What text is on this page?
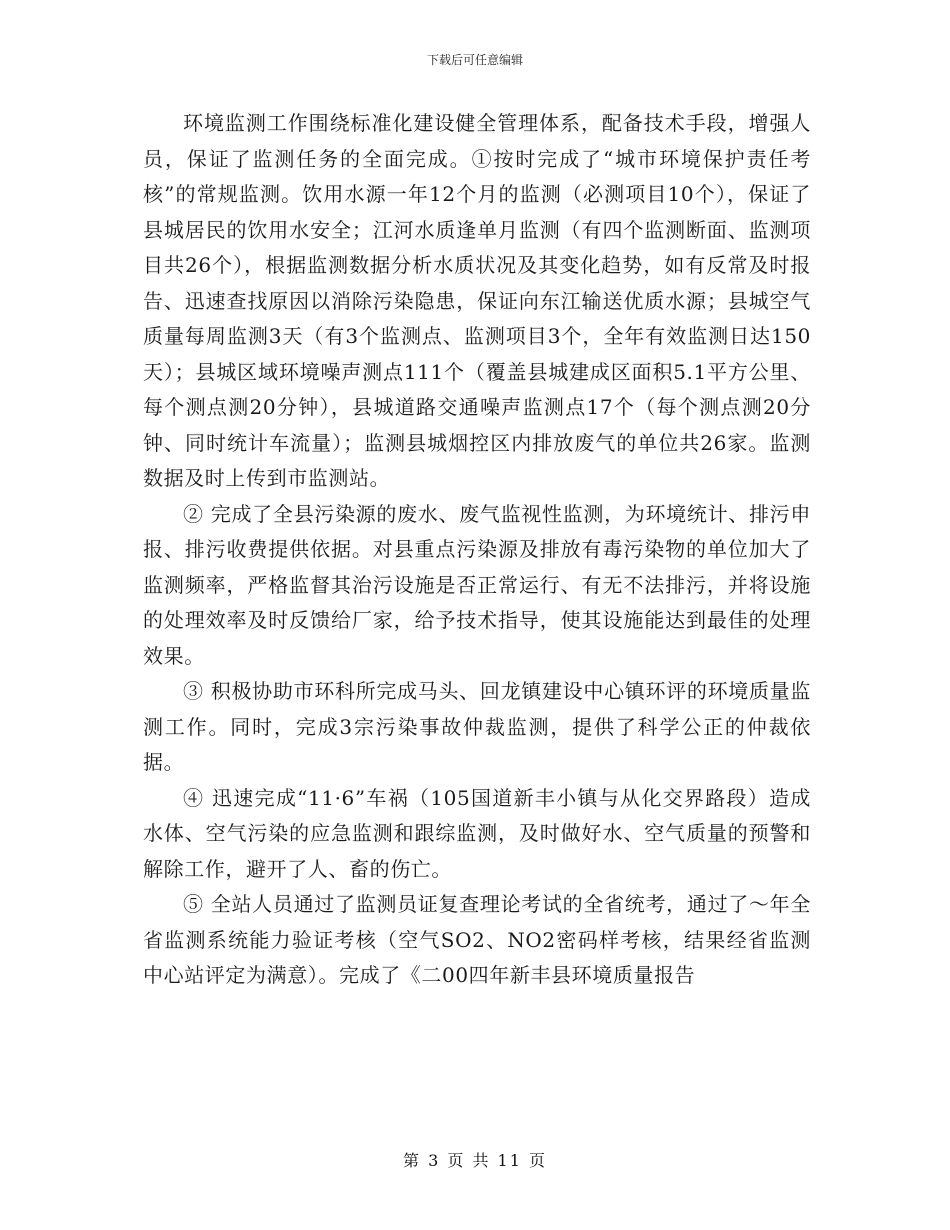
下载后可任意编辑

环境监测工作围绕标准化建设健全管理体系，配备技术手段，增强人员，保证了监测任务的全面完成。①按时完成了“城市环境保护责任考核”的常规监测。饮用水源一年12个月的监测（必测项目10个），保证了县城居民的饮用水安全；江河水质逢单月监测（有四个监测断面、监测项目共26个），根据监测数据分析水质状况及其变化趋势，如有反常及时报告、迅速查找原因以消除污染隐患，保证向东江输送优质水源；县城空气质量每周监测3天（有3个监测点、监测项目3个，全年有效监测日达150天）；县城区域环境噪声测点111个（覆盖县城建成区面积5.1平方公里、每个测点测20分钟），县城道路交通噪声监测点17个（每个测点测20分钟、同时统计车流量）；监测县城烟控区内排放废气的单位共26家。监测数据及时上传到市监测站。

② 完成了全县污染源的废水、废气监视性监测，为环境统计、排污申报、排污收费提供依据。对县重点污染源及排放有毒污染物的单位加大了监测频率，严格监督其治污设施是否正常运行、有无不法排污，并将设施的处理效率及时反馈给厂家，给予技术指导，使其设施能达到最佳的处理效果。

③ 积极协助市环科所完成马头、回龙镇建设中心镇环评的环境质量监测工作。同时，完成3宗污染事故仲裁监测，提供了科学公正的仲裁依据。

④ 迅速完成“11·6”车祸（105国道新丰小镇与从化交界路段）造成水体、空气污染的应急监测和跟综监测，及时做好水、空气质量的预警和解除工作，避开了人、畜的伤亡。

⑤ 全站人员通过了监测员证复查理论考试的全省统考，通过了～年全省监测系统能力验证考核（空气SO2、NO2密码样考核，结果经省监测中心站评定为满意）。完成了《二00四年新丰县环境质量报告

第 3 页 共 11 页
